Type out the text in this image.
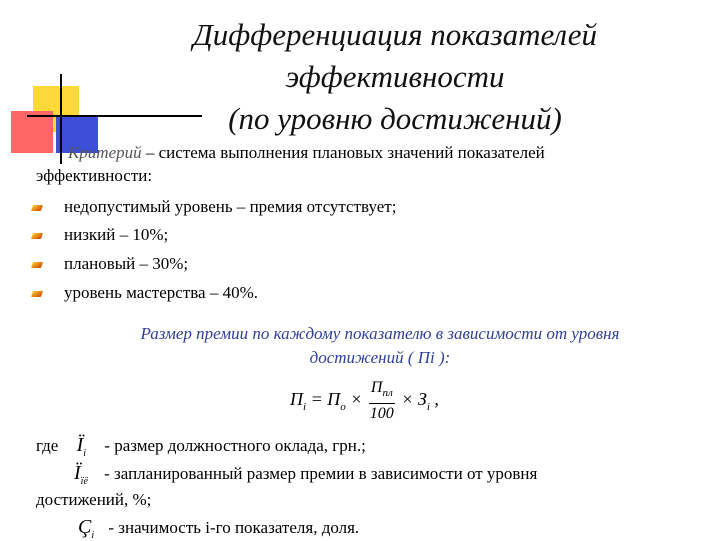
Дифференциация показателей
эффективности
(по уровню достижений)
Критерий – система выполнения плановых значений показателей
эффективности:
недопустимый уровень – премия отсутствует;
низкий – 10%;
плановый – 30%;
уровень мастерства – 40%.
Размер премии по каждому показателю в зависимости от уровня
достижений ( Пi ):
$П_i = П_о \times \frac{П_{пл}}{100} \times З_i$ ,
где $Ï_i$ - размер должностного оклада, грн.;
$Ï_{ïë}$ - запланированный размер премии в зависимости от уровня
достижений, %;
$Ç_i$ - значимость i-го показателя, доля.
